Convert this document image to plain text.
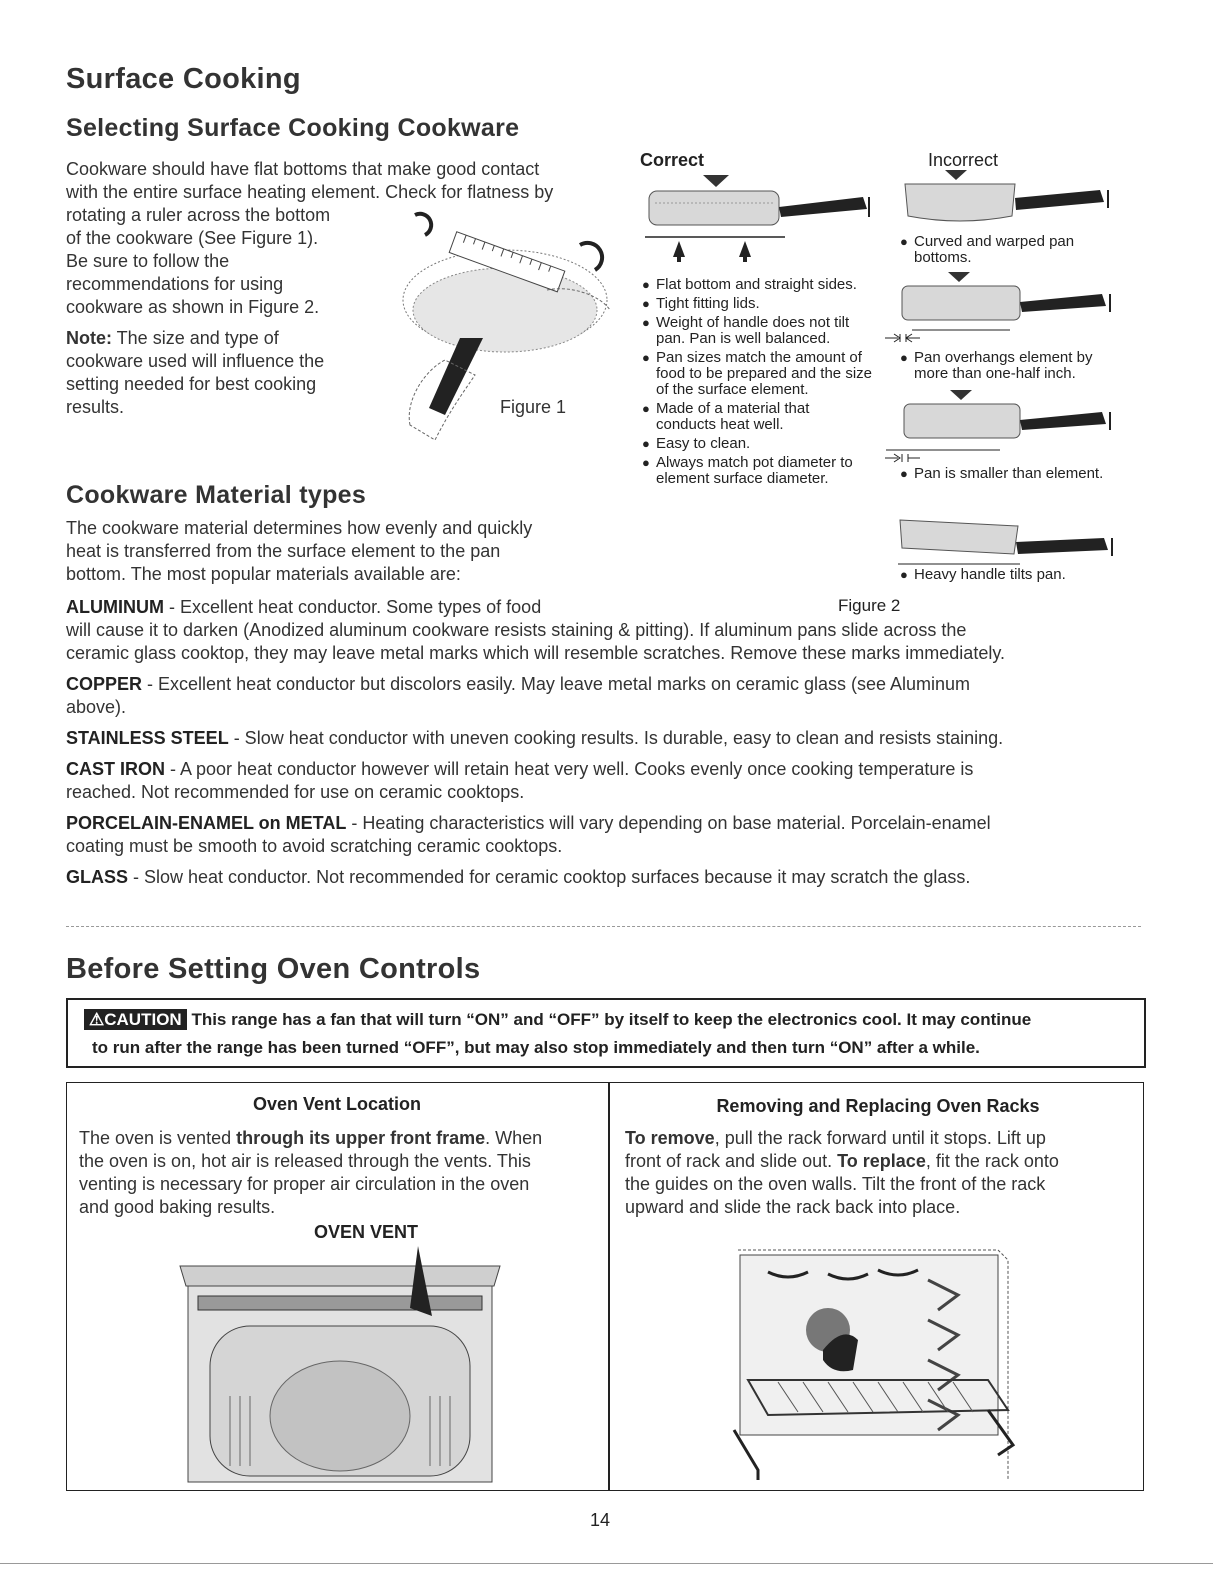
Surface Cooking
Selecting Surface Cooking Cookware
Cookware should have flat bottoms that make good contact
with the entire surface heating element. Check for flatness by
rotating a ruler across the bottom
of the cookware (See Figure 1).
Be sure to follow the
recommendations for using
cookware as shown in Figure 2.
Note: The size and type of
cookware used will influence the
setting needed for best cooking
results.	Figure 1
Correct
● Flat bottom and straight sides.
● Tight fitting lids.
● Weight of handle does not tilt pan. Pan is well balanced.
● Pan sizes match the amount of food to be prepared and the size of the surface element.
● Made of a material that conducts heat well.
● Easy to clean.
● Always match pot diameter to element surface diameter.
Incorrect
● Curved and warped pan bottoms.
● Pan overhangs element by more than one-half inch.
● Pan is smaller than element.
● Heavy handle tilts pan.
Figure 2
Cookware Material types
The cookware material determines how evenly and quickly
heat is transferred from the surface element to the pan
bottom. The most popular materials available are:
ALUMINUM - Excellent heat conductor. Some types of food
will cause it to darken (Anodized aluminum cookware resists staining & pitting). If aluminum pans slide across the
ceramic glass cooktop, they may leave metal marks which will resemble scratches. Remove these marks immediately.
COPPER - Excellent heat conductor but discolors easily. May leave metal marks on ceramic glass (see Aluminum
above).
STAINLESS STEEL - Slow heat conductor with uneven cooking results. Is durable, easy to clean and resists staining.
CAST IRON - A poor heat conductor however will retain heat very well. Cooks evenly once cooking temperature is
reached. Not recommended for use on ceramic cooktops.
PORCELAIN-ENAMEL on METAL - Heating characteristics will vary depending on base material. Porcelain-enamel
coating must be smooth to avoid scratching ceramic cooktops.
GLASS - Slow heat conductor. Not recommended for ceramic cooktop surfaces because it may scratch the glass.
Before Setting Oven Controls
⚠CAUTION This range has a fan that will turn “ON” and “OFF” by itself to keep the electronics cool. It may continue
to run after the range has been turned “OFF”, but may also stop immediately and then turn “ON” after a while.
Oven Vent Location
The oven is vented through its upper front frame. When
the oven is on, hot air is released through the vents. This
venting is necessary for proper air circulation in the oven
and good baking results.
OVEN VENT
Removing and Replacing Oven Racks
To remove, pull the rack forward until it stops. Lift up
front of rack and slide out. To replace, fit the rack onto
the guides on the oven walls. Tilt the front of the rack
upward and slide the rack back into place.
14
